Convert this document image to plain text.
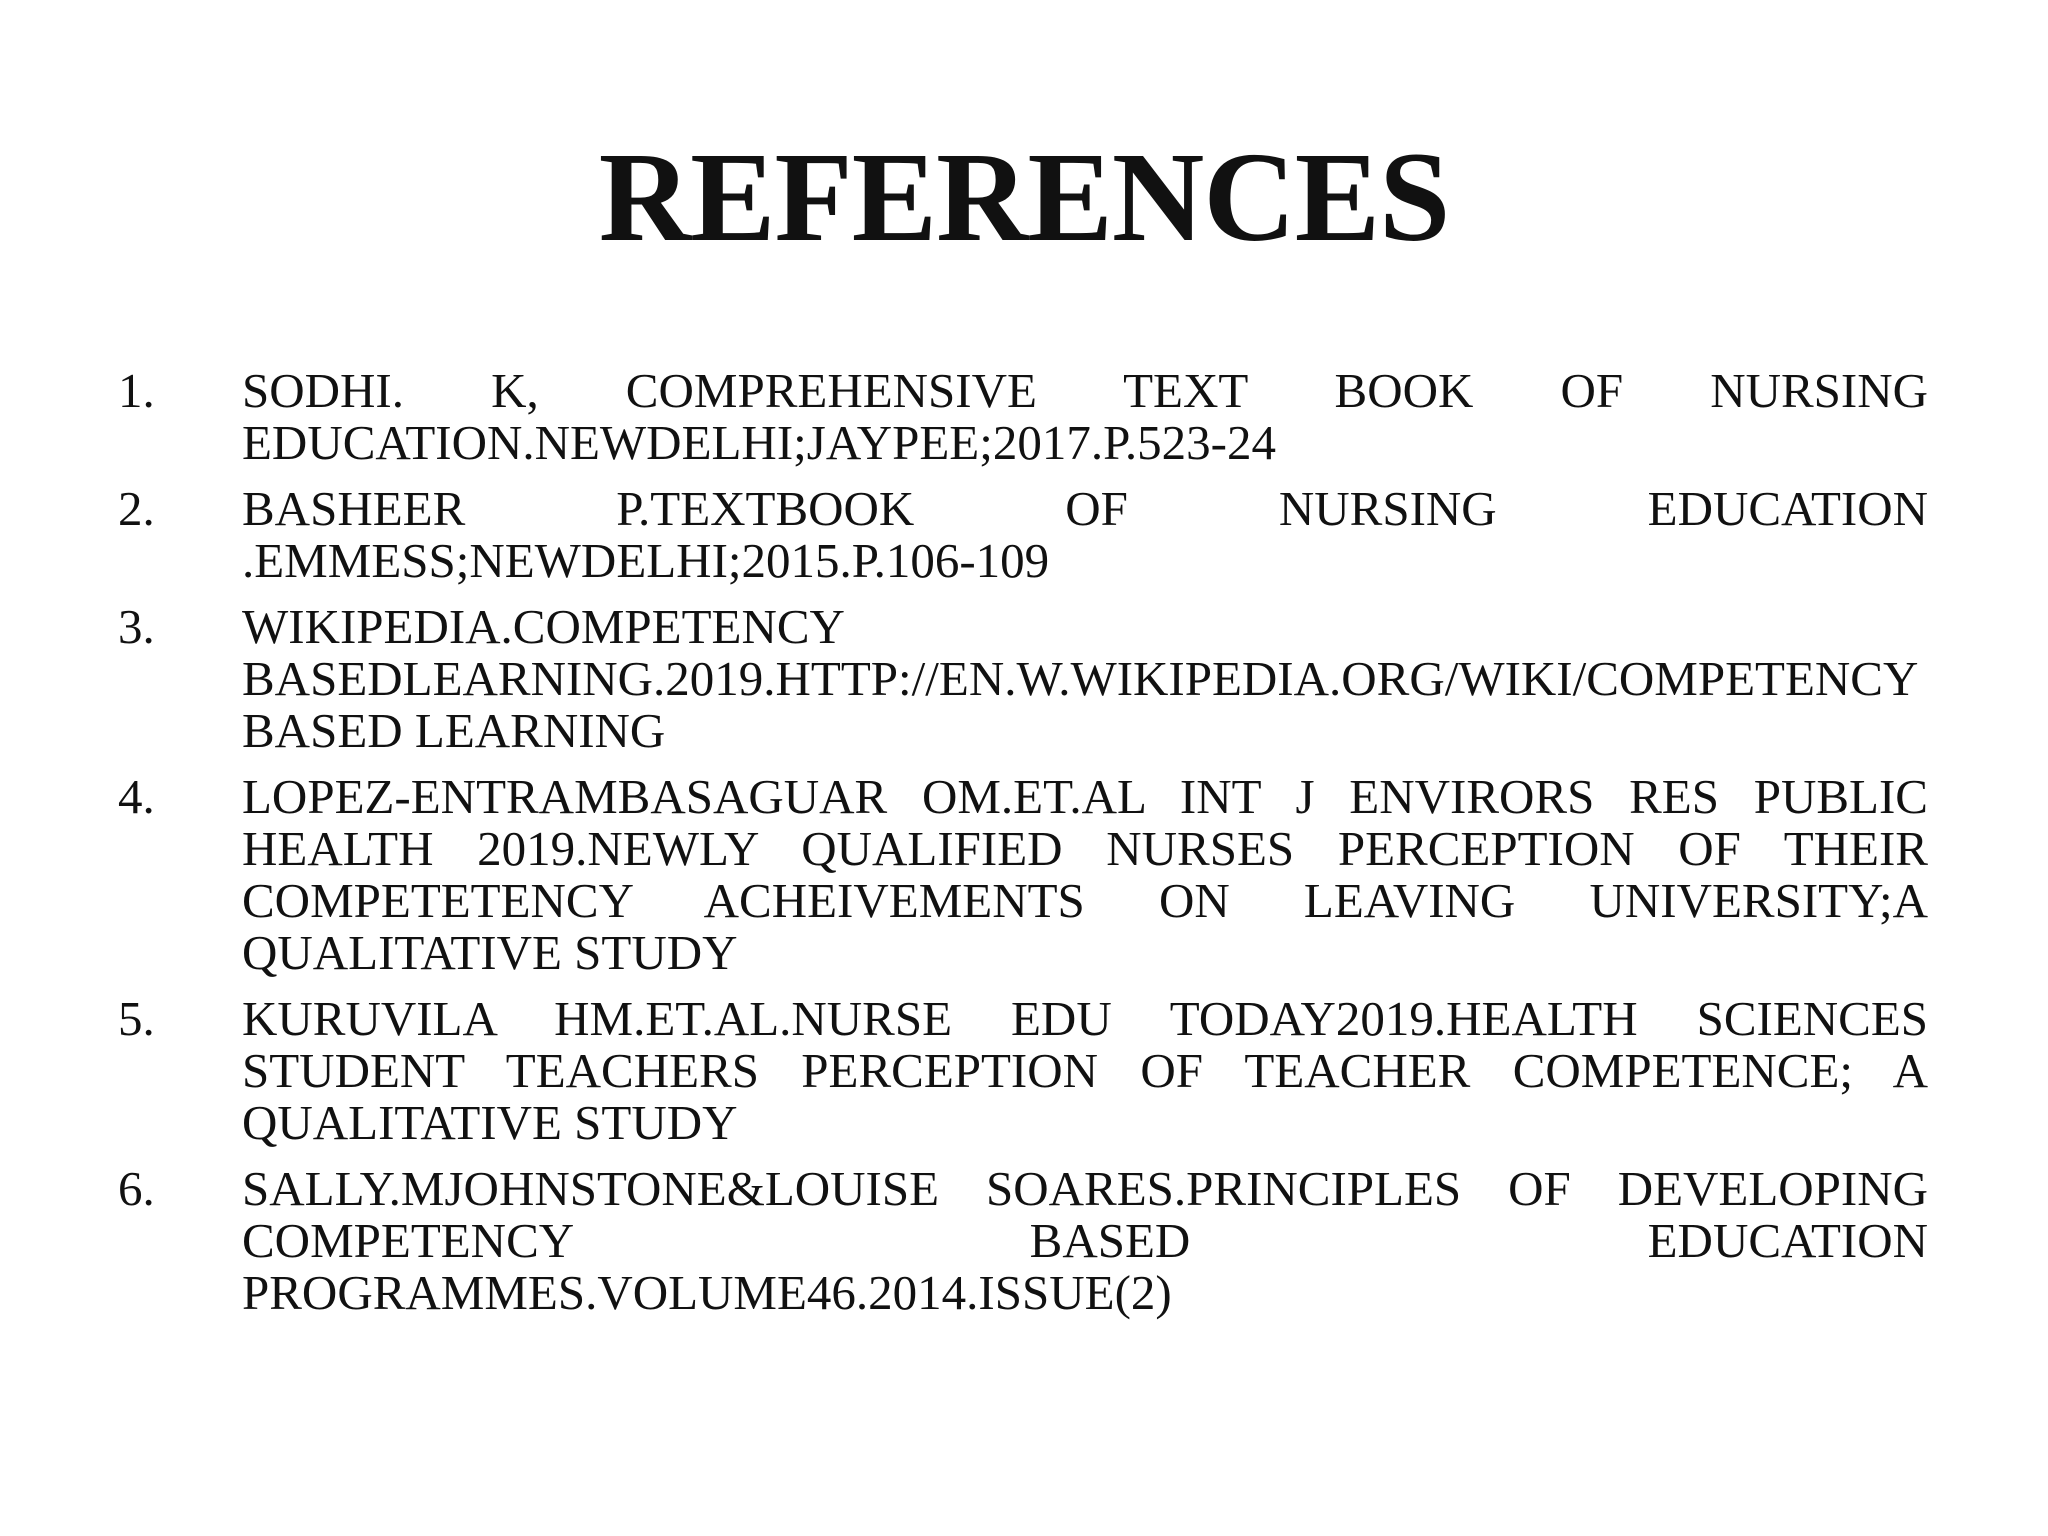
REFERENCES
1.	SODHI. K, COMPREHENSIVE TEXT BOOK OF NURSING EDUCATION.NEWDELHI;JAYPEE;2017.P.523-24
2.	BASHEER P.TEXTBOOK OF NURSING EDUCATION .EMMESS;NEWDELHI;2015.P.106-109
3.	WIKIPEDIA.COMPETENCY BASEDLEARNING.2019.HTTP://EN.W.WIKIPEDIA.ORG/WIKI/COMPETENCY BASED LEARNING
4.	LOPEZ-ENTRAMBASAGUAR OM.ET.AL INT J ENVIRORS RES PUBLIC HEALTH 2019.NEWLY QUALIFIED NURSES PERCEPTION OF THEIR COMPETETENCY ACHEIVEMENTS ON LEAVING UNIVERSITY;A QUALITATIVE STUDY
5.	KURUVILA HM.ET.AL.NURSE EDU TODAY2019.HEALTH SCIENCES STUDENT TEACHERS PERCEPTION OF TEACHER COMPETENCE; A QUALITATIVE STUDY
6.	SALLY.MJOHNSTONE&LOUISE SOARES.PRINCIPLES OF DEVELOPING COMPETENCY BASED EDUCATION PROGRAMMES.VOLUME46.2014.ISSUE(2)
